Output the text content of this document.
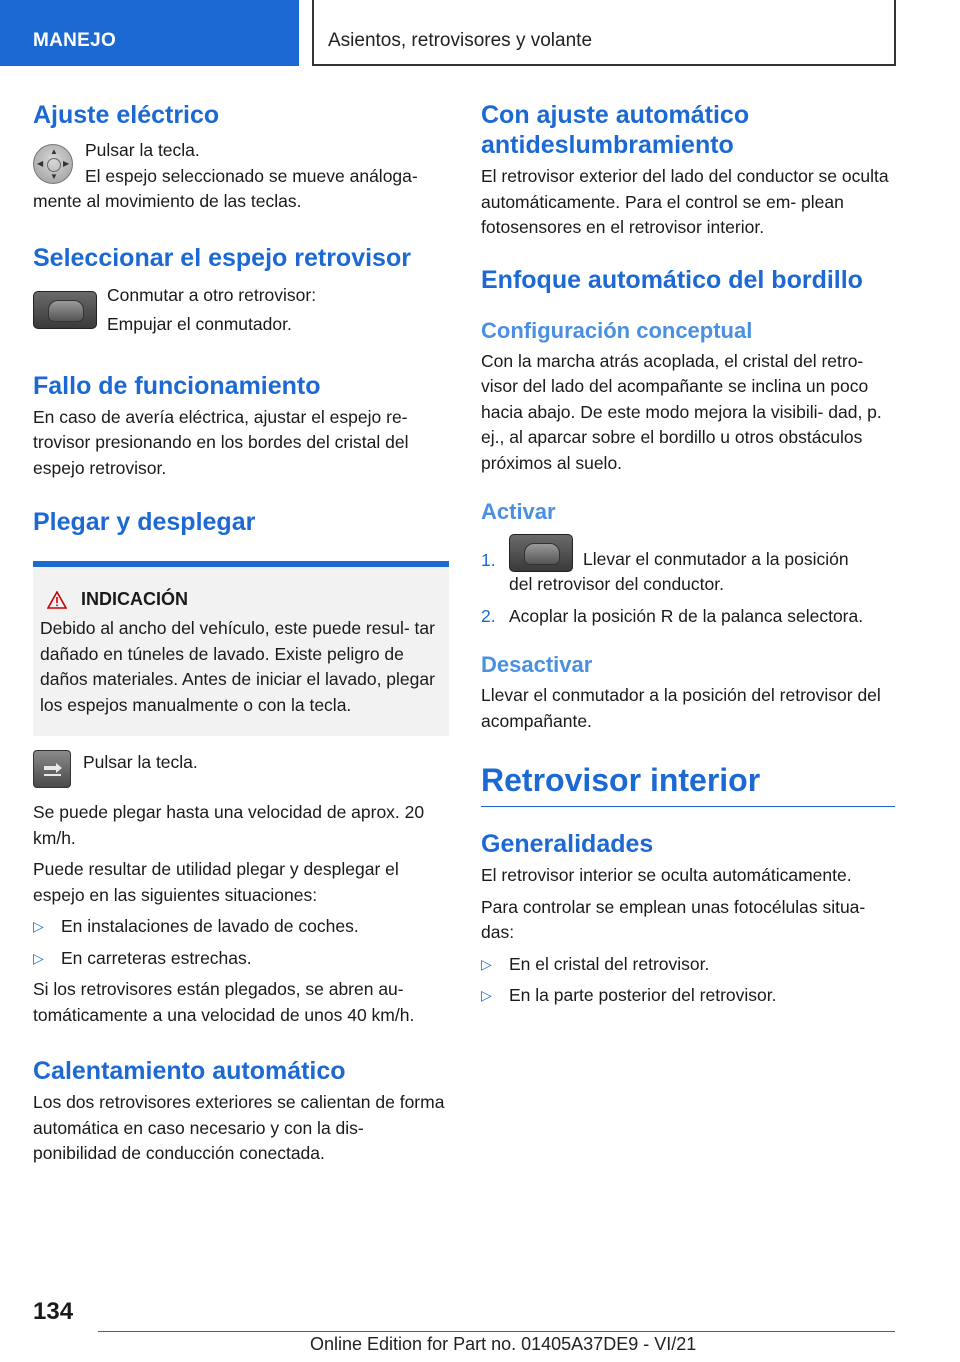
MANEJO	Asientos, retrovisores y volante
Ajuste eléctrico
▲
▼
◀ ▶
Pulsar la tecla.
El espejo seleccionado se mueve análoga-
mente al movimiento de las teclas.
Seleccionar el espejo retrovisor
Conmutar a otro retrovisor:
Empujar el conmutador.
Fallo de funcionamiento
En caso de avería eléctrica, ajustar el espejo re- trovisor presionando en los bordes del cristal del espejo retrovisor.
Plegar y desplegar
INDICACIÓN
Debido al ancho del vehículo, este puede resul- tar dañado en túneles de lavado. Existe peligro de daños materiales. Antes de iniciar el lavado, plegar los espejos manualmente o con la tecla.
Pulsar la tecla.
Se puede plegar hasta una velocidad de aprox. 20 km/h.
Puede resultar de utilidad plegar y desplegar el espejo en las siguientes situaciones:
▷ En instalaciones de lavado de coches.
▷ En carreteras estrechas.
Si los retrovisores están plegados, se abren au- tomáticamente a una velocidad de unos 40 km/h.
Calentamiento automático
Los dos retrovisores exteriores se calientan de forma automática en caso necesario y con la dis- ponibilidad de conducción conectada.
Con ajuste automático antideslumbramiento
El retrovisor exterior del lado del conductor se oculta automáticamente. Para el control se em- plean fotosensores en el retrovisor interior.
Enfoque automático del bordillo
Configuración conceptual
Con la marcha atrás acoplada, el cristal del retro- visor del lado del acompañante se inclina un poco hacia abajo. De este modo mejora la visibili- dad, p. ej., al aparcar sobre el bordillo u otros obstáculos próximos al suelo.
Activar
1.	Llevar el conmutador a la posición
del retrovisor del conductor.
2. Acoplar la posición R de la palanca selectora.
Desactivar
Llevar el conmutador a la posición del retrovisor del acompañante.
Retrovisor interior
Generalidades
El retrovisor interior se oculta automáticamente.
Para controlar se emplean unas fotocélulas situa- das:
▷ En el cristal del retrovisor.
▷ En la parte posterior del retrovisor.
134
Online Edition for Part no. 01405A37DE9 - VI/21
